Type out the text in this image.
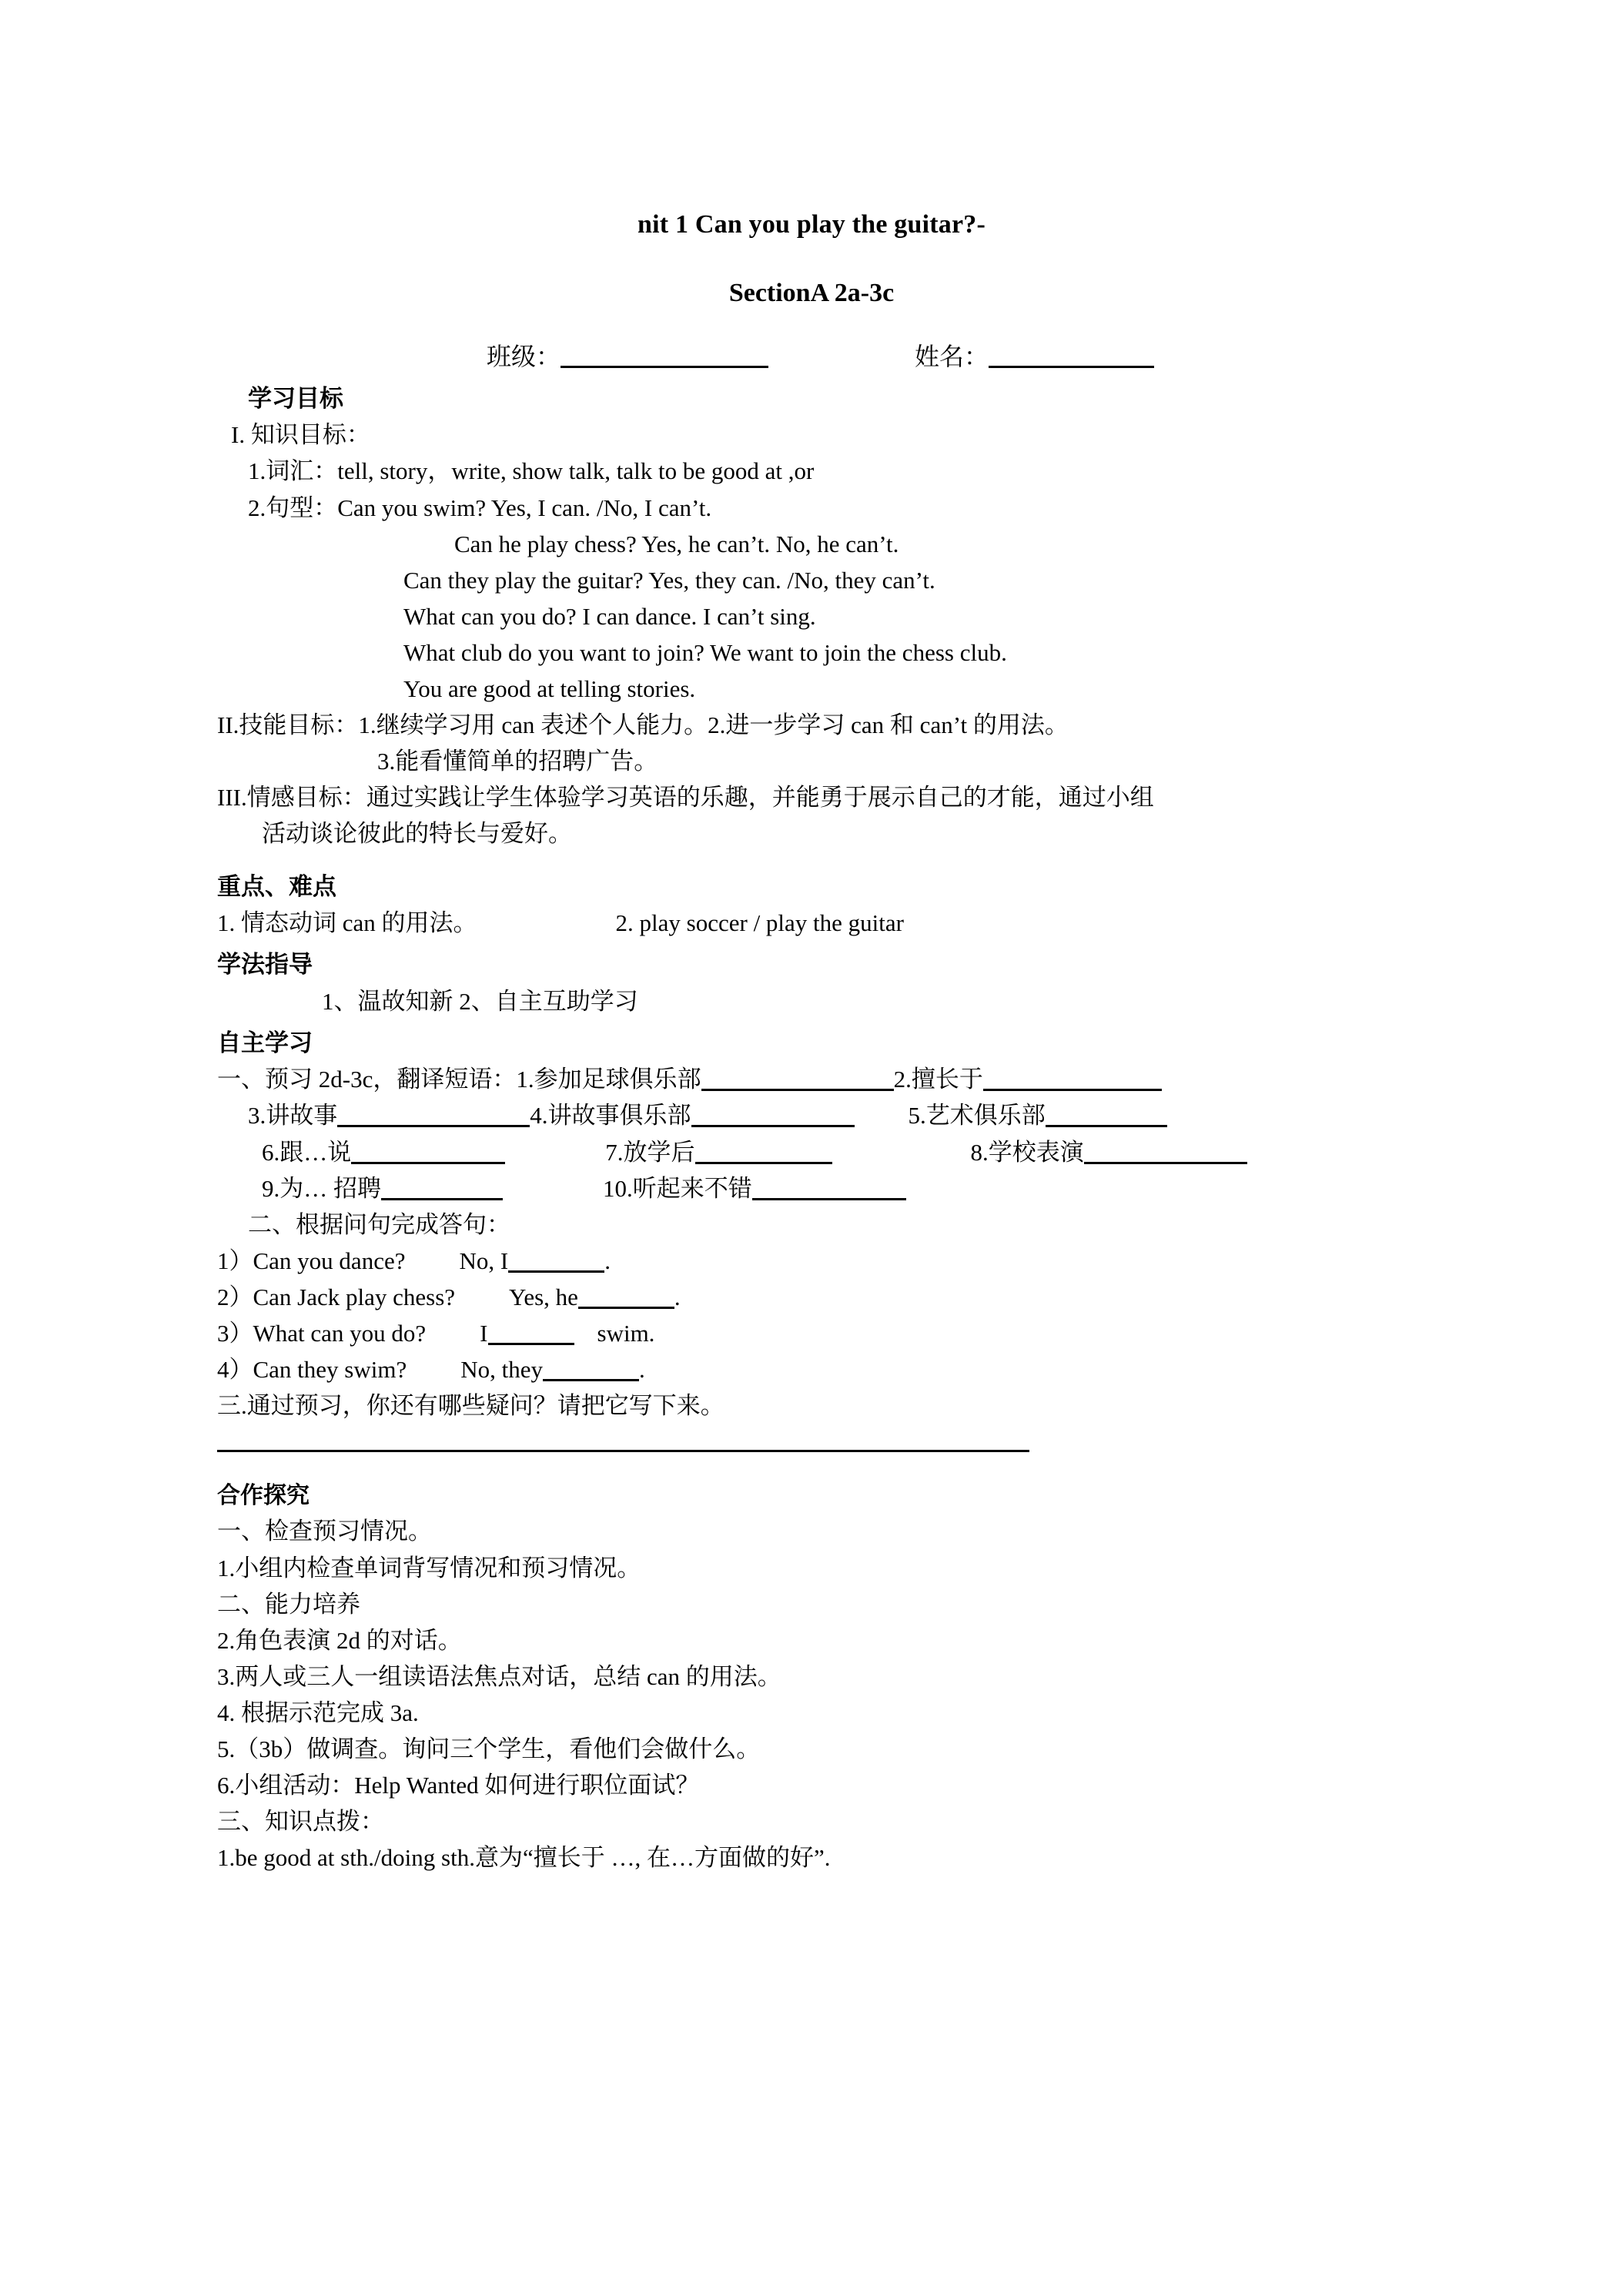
nit 1 Can you play the guitar?-
SectionA 2a-3c
班级：	姓名：
学习目标
I. 知识目标：
1.词汇：tell, story，write, show talk, talk to be good at ,or
2.句型：Can you swim? Yes, I can. /No, I can’t.
Can he play chess? Yes, he can’t. No, he can’t.
Can they play the guitar? Yes, they can. /No, they can’t.
What can you do? I can dance. I can’t sing.
What club do you want to join? We want to join the chess club.
You are good at telling stories.
II.技能目标：1.继续学习用 can 表述个人能力。2.进一步学习 can 和 can’t 的用法。
3.能看懂简单的招聘广告。
III.情感目标：通过实践让学生体验学习英语的乐趣，并能勇于展示自己的才能，通过小组
活动谈论彼此的特长与爱好。
重点、难点
1. 情态动词 can 的用法。	2. play soccer / play the guitar
学法指导
1、温故知新 2、自主互助学习
自主学习
一、预习 2d-3c，翻译短语：1.参加足球俱乐部	2.擅长于
3.讲故事	4.讲故事俱乐部	5.艺术俱乐部
6.跟…说	7.放学后	8.学校表演
9.为… 招聘	10.听起来不错
二、根据问句完成答句：
1）Can you dance? No, I	.
2）Can Jack play chess? Yes, he	.
3）What can you do? I	swim.
4）Can they swim? No, they	.
三.通过预习，你还有哪些疑问？请把它写下来。
合作探究
一、检查预习情况。
1.小组内检查单词背写情况和预习情况。
二、能力培养
2.角色表演 2d 的对话。
3.两人或三人一组读语法焦点对话，总结 can 的用法。
4. 根据示范完成 3a.
5.（3b）做调查。询问三个学生，看他们会做什么。
6.小组活动：Help Wanted 如何进行职位面试？
三、知识点拨：
1.be good at sth./doing sth.意为“擅长于 …, 在…方面做的好”.
